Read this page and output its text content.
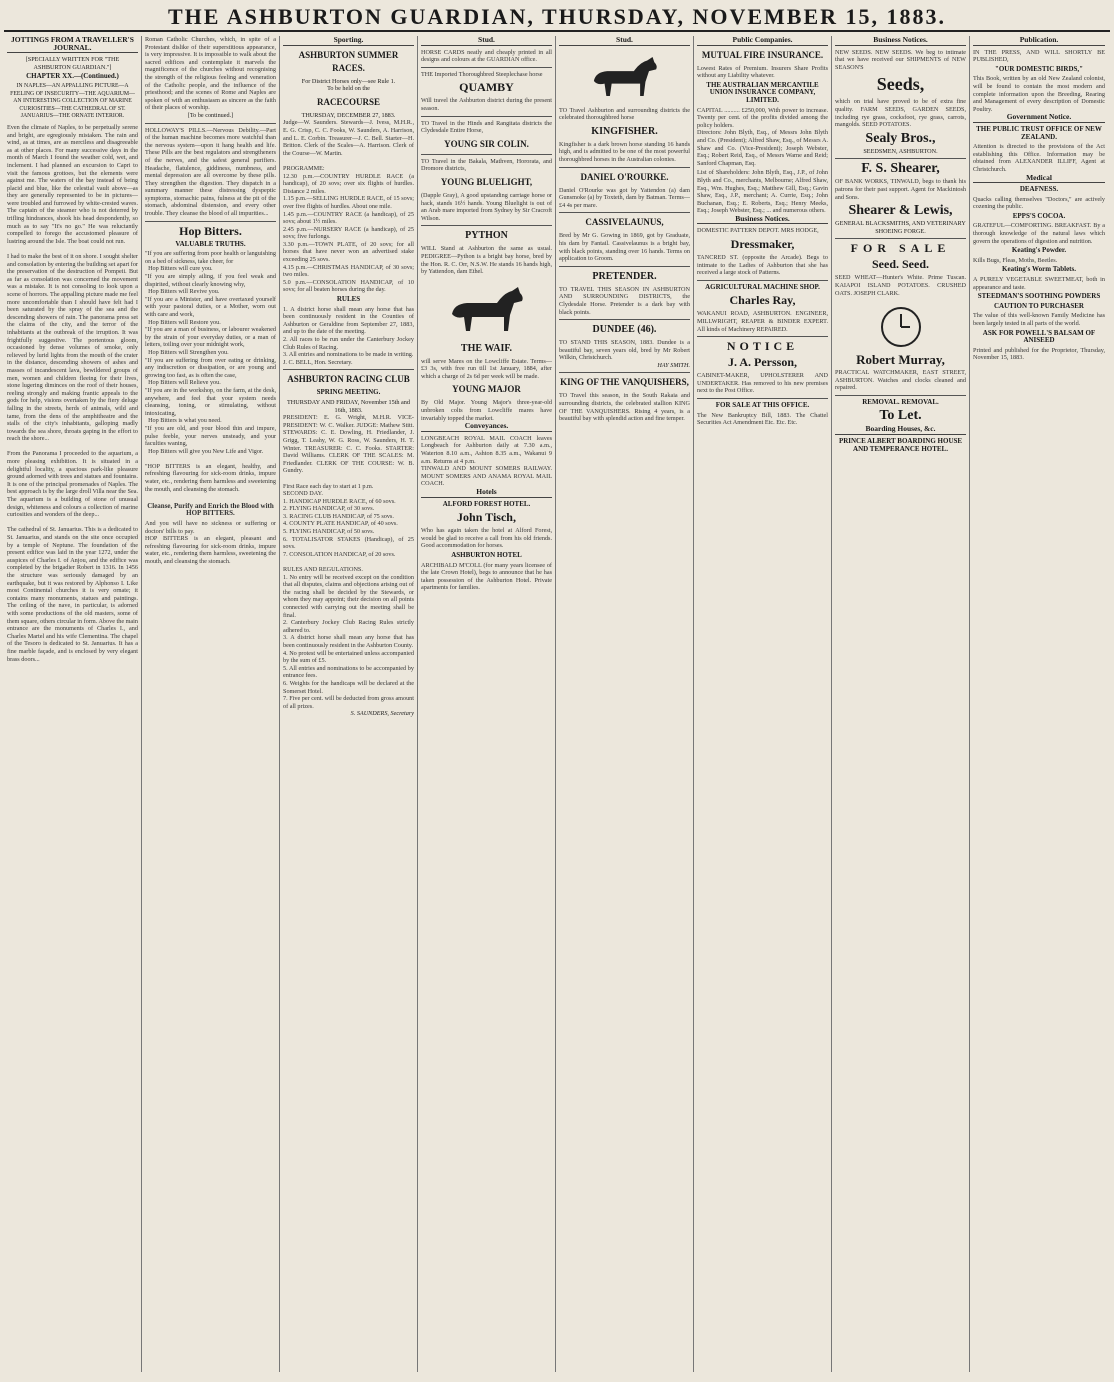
THE ASHBURTON GUARDIAN, THURSDAY, NOVEMBER 15, 1883.
JOTTINGS FROM A TRAVELLER'S JOURNAL.
[SPECIALLY WRITTEN FOR "THE ASHBURTON GUARDIAN."]
CHAPTER XX.—(Continued.)
IN NAPLES—AN APPALLING PICTURE—A FEELING OF INSECURITY—THE AQUARIUM—AN INTERESTING COLLECTION OF MARINE CURIOSITIES—THE CATHEDRAL OF ST. JANUARIUS—THE ORNATE INTERIOR.
Even the climate of Naples, to be perpetually serene and bright, are egregiously mistaken. The rain and wind, as at times, are as merciless and disagreeable as at other places. For many successive days in the month of March I found the weather cold, wet, and inclement. I had planned an excursion to Capri to visit the famous grottoes, but the elements were against me. The waters of the bay instead of being placid and blue, like the celestial vault above—as they are generally represented to be in pictures—were troubled and furrowed by white-crested waves. The captain of the steamer who is not deterred by trifling hindrances, shook his head despondently, so much as to say "It's no go." He was reluctantly compelled to forego the accustomed pleasure of lustring around the Isle. The boat could not run.

I had to make the best of it on shore. I sought shelter and consolation by entering the building set apart for the preservation of the destruction of Pompeii. But as far as consolation was concerned the movement was a mistake. It is not consoling to look upon a scene of horrors. The appalling picture made me feel more uncomfortable than I should have felt had I been saturated by the spray of the sea and the descending showers of rain. The panorama press set the claims of the city, and the terror of the inhabitants at the outbreak of the irruption. It was frightfully suggestive. The portentous gloom, occasioned by dense volumes of smoke, only relieved by lurid lights from the mouth of the crater in the distance, descending showers of ashes and masses of incandescent lava, bewildered groups of men, women and children fleeing for their lives, stone lugering diminces on the roof of their houses, reeling strongly and making frantic appeals to the gods for help, visions overtaken by the fiery deluge falling in the streets, herds of animals, wild and tame, from the dens of the amphitheatre and the stalls of the city's inhabitants, galloping madly towards the sea shore, throats gaping in the effort to reach the shore...

From the Panorama I proceeded to the aquarium, a more pleasing exhibition. It is situated in a delightful locality, a spacious park-like pleasure ground adorned with trees and statues and fountains. It is one of the principal promenades of Naples. The best approach is by the large droll Villa near the Sea. The aquarium is a building of stone of unusual design, whiteness and colours a collection of marine curiosities and wonders of the deep...

The cathedral of St. Januarius. This is a dedicated to St. Januarius, and stands on the site once occupied by a temple of Neptune. The foundation of the present edifice was laid in the year 1272, under the auspices of Charles I. of Anjou, and the edifice was completed by the brigadier Robert in 1316. In 1456 the structure was seriously damaged by an earthquake, but it was restored by Alphonso I. Like most Continental churches it is very ornate; it contains many monuments, statues and paintings. The ceiling of the nave, in particular, is adorned with some productions of the old masters, some of them square, others circular in form. Above the main entrance are the monuments of Charles I., and Charles Martel and his wife Clementina. The chapel of the Tesoro is dedicated to St. Januarius. It has a fine marble façade, and is enclosed by very elegant brass doors...
Roman Catholic Churches, which, in spite of a Protestant dislike of their superstitious appearance, is very impressive. It is impossible to walk about the sacred edifices and contemplate it marvels the magnificence of the churches without recognising the strength of the religious feeling and veneration of the Catholic people, and the influence of the priesthood; and the scenes of Rome and Naples are spoken of with an enthusiasm as sincere as the faith of their places of worship.
[To be continued.]
HOLLOWAY'S PILLS.—Nervous Debility.—Part of the human machine becomes more watchful than the nervous system—upon it hang health and life. These Pills are the best regulators and strengtheners of the nerves, and the safest general purifiers. Headache, flatulence, giddiness, numbness, and mental depression are all overcome by these pills. They strengthen the digestion. They dispatch in a summary manner these distressing dyspeptic symptoms, stomachic pains, fulness at the pit of the stomach, abdominal distension, and every other trouble. They cleanse the blood of all impurities...
Hop Bitters.
VALUABLE TRUTHS.
"If you are suffering from poor health or languishing on a bed of sickness, take cheer, for
Hop Bitters will cure you.
"If you are simply ailing, if you feel weak and dispirited, without clearly knowing why,
Hop Bitters will Revive you.
"If you are a Minister, and have overtaxed yourself with your pastoral duties, or a Mother, worn out with care and work,
Hop Bitters will Restore you.
"If you are a man of business, or labourer weakened by the strain of your everyday duties, or a man of letters, toiling over your midnight work,
Hop Bitters will Strengthen you.
"If you are suffering from over eating or drinking, any indiscretion or dissipation, or are young and growing too fast, as is often the case,
Hop Bitters will Relieve you.
"If you are in the workshop, on the farm, at the desk, anywhere, and feel that your system needs cleansing, toning, or stimulating, without intoxicating,
Hop Bitters is what you need.
"If you are old, and your blood thin and impure, pulse feeble, your nerves unsteady, and your faculties waning,
Hop Bitters will give you New Life and Vigor.

"HOP BITTERS is an elegant, healthy, and refreshing flavouring for sick-room drinks, impure water, etc., rendering them harmless and sweetening the mouth, and cleansing the stomach.

Cleanse, Purify and Enrich the Blood with HOP BITTERS.
And you will have no sickness or suffering or doctors' bills to pay.
HOP BITTERS is an elegant, pleasant and refreshing flavouring for sick-room drinks, impure water, etc., rendering them harmless, sweetening the mouth, and cleansing the stomach.
Sporting.
ASHBURTON SUMMER RACES.
For District Horses only—see Rule 1.
To be held on the
RACECOURSE
THURSDAY, DECEMBER 27, 1883.
Judge—W. Saunders. Stewards—J. Ivess, M.H.R., E. G. Crisp, C. C. Fooks, W. Saunders, A. Harrison, and L. E. Corbin. Treasurer—J. C. Bell. Starter—H. Britton. Clerk of the Scales—A. Harrison. Clerk of the Course—W. Martin.

PROGRAMME:
12.30 p.m.—COUNTRY HURDLE RACE (a handicap), of 20 sovs; over six flights of hurdles. Distance 2 miles.
1.15 p.m.—SELLING HURDLE RACE, of 15 sovs; over five flights of hurdles. About one mile.
1.45 p.m.—COUNTRY RACE (a handicap), of 25 sovs; about 1½ miles.
2.45 p.m.—NURSERY RACE (a handicap), of 25 sovs; five furlongs.
3.30 p.m.—TOWN PLATE, of 20 sovs; for all horses that have never won an advertised stake exceeding 25 sovs.
4.15 p.m.—CHRISTMAS HANDICAP, of 30 sovs; two miles.
5.0 p.m.—CONSOLATION HANDICAP, of 10 sovs; for all beaten horses during the day.
RULES
1. A district horse shall mean any horse that has been continuously resident in the Counties of Ashburton or Geraldine from September 27, 1883, and up to the date of the meeting.
2. All races to be run under the Canterbury Jockey Club Rules of Racing.
3. All entries and nominations to be made in writing.
J. C. BELL, Hon. Secretary.
ASHBURTON RACING CLUB
SPRING MEETING.
THURSDAY AND FRIDAY, November 15th and 16th, 1883.
PRESIDENT: E. G. Wright, M.H.R. VICE-PRESIDENT: W. C. Walker. JUDGE: Mathew Stitt. STEWARDS: C. E. Dowling, H. Friedlander, J. Grigg, T. Leahy, W. G. Ross, W. Saunders, H. T. Winter. TREASURER: C. C. Fooks. STARTER: David Williams. CLERK OF THE SCALES: M. Friedlander. CLERK OF THE COURSE: W. B. Gundry.

First Race each day to start at 1 p.m.
SECOND DAY.
1. HANDICAP HURDLE RACE, of 60 sovs.
2. FLYING HANDICAP, of 30 sovs.
3. RACING CLUB HANDICAP, of 75 sovs.
4. COUNTY PLATE HANDICAP, of 40 sovs.
5. FLYING HANDICAP, of 50 sovs.
6. TOTALISATOR STAKES (Handicap), of 25 sovs.
7. CONSOLATION HANDICAP, of 20 sovs.

RULES AND REGULATIONS.
1. No entry will be received except on the condition that all disputes, claims and objections arising out of the racing shall be decided by the Stewards, or whom they may appoint; their decision on all points connected with carrying out the meeting shall be final.
2. Canterbury Jockey Club Racing Rules strictly adhered to.
3. A district horse shall mean any horse that has been continuously resident in the Ashburton County.
4. No protest will be entertained unless accompanied by the sum of £5.
5. All entries and nominations to be accompanied by entrance fees.
6. Weights for the handicaps will be declared at the Somerset Hotel.
7. Five per cent. will be deducted from gross amount of all prizes.
S. SAUNDERS, Secretary
Stud.
HORSE CARDS neatly and cheaply printed in all designs and colours at the GUARDIAN office.
THE Imported Thoroughbred Steeplechase horse
QUAMBY
Will travel the Ashburton district during the present season.
TO Travel in the Hinds and Rangitata districts the Clydesdale Entire Horse,
YOUNG SIR COLIN.
TO Travel in the Bakala, Mathven, Hororata, and Dromore districts,
YOUNG BLUELIGHT,
(Dapple Gray), A good upstanding carriage horse or hack, stands 16½ hands. Young Bluelight is out of an Arab mare imported from Sydney by Sir Cracroft Wilson.
PYTHON
WILL Stand at Ashburton the same as usual. PEDIGREE—Python is a bright bay horse, bred by the Hon. R. C. Orr, N.S.W. He stands 16 hands high, by Yattendon, dam Ethel.
THE WAIF.
will serve Mares on the Lowcliffe Estate. Terms—£3 3s, with free run till 1st January, 1884, after which a charge of 2s 6d per week will be made.
YOUNG MAJOR
By Old Major. Young Major's three-year-old unbroken colts from Lowcliffe mares have invariably topped the market.
Conveyances.
LONGBEACH ROYAL MAIL COACH leaves Longbeach for Ashburton daily at 7.30 a.m., Waterton 8.10 a.m., Ashton 8.35 a.m., Wakanui 9 a.m. Returns at 4 p.m.
TINWALD AND MOUNT SOMERS RAILWAY. MOUNT SOMERS AND ANAMA ROYAL MAIL COACH.
Hotels
ALFORD FOREST HOTEL.
John Tisch,
Who has again taken the hotel at Alford Forest, would be glad to receive a call from his old friends. Good accommodation for horses.
ASHBURTON HOTEL
ARCHIBALD M'COLL (for many years licensee of the late Crown Hotel), begs to announce that he has taken possession of the Ashburton Hotel. Private apartments for families.
Stud.
TO Travel Ashburton and surrounding districts the celebrated thoroughbred horse
KINGFISHER.
Kingfisher is a dark brown horse standing 16 hands high, and is admitted to be one of the most powerful thoroughbred horses in the Australian colonies.
DANIEL O'ROURKE.
Daniel O'Rourke was got by Yattendon (a) dam Gunsmoke (a) by Toxteth, dam by Batman. Terms—£4 4s per mare.
CASSIVELAUNUS,
Bred by Mr G. Gowing in 1869, got by Graduate, his dam by Fantail. Cassivelaunus is a bright bay, with black points, standing over 16 hands. Terms on application to Groom.
PRETENDER.
TO TRAVEL THIS SEASON IN ASHBURTON AND SURROUNDING DISTRICTS, the Clydesdale Horse. Pretender is a dark bay with black points.
DUNDEE (46).
TO STAND THIS SEASON, 1883. Dundee is a beautiful bay, seven years old, bred by Mr Robert Wilkin, Christchurch.
HAY SMITH.
KING OF THE VANQUISHERS,
TO Travel this season, in the South Rakaia and surrounding districts, the celebrated stallion KING OF THE VANQUISHERS. Rising 4 years, is a beautiful bay with splendid action and fine temper.
Public Companies.
MUTUAL FIRE INSURANCE.
Lowest Rates of Premium. Insurers Share Profits without any Liability whatever.
THE AUSTRALIAN MERCANTILE UNION INSURANCE COMPANY, LIMITED.
CAPITAL .......... £250,000, With power to increase. Twenty per cent. of the profits divided among the policy holders.
Directors: John Blyth, Esq., of Messrs John Blyth and Co. (President); Alfred Shaw, Esq., of Messrs A. Shaw and Co. (Vice-President); Joseph Webster, Esq.; Robert Reid, Esq., of Messrs Warne and Reid; Sanford Chapman, Esq.
List of Shareholders: John Blyth, Esq., J.P., of John Blyth and Co., merchants, Melbourne; Alfred Shaw, Esq., Wm. Hughes, Esq.; Matthew Gill, Esq.; Gavin Shaw, Esq., J.P., merchant; A. Currie, Esq.; John Buchanan, Esq.; E. Roberts, Esq.; Henry Meeks, Esq.; Joseph Webster, Esq.; ... and numerous others.
Business Notices.
DOMESTIC PATTERN DEPOT. MRS HODGE,
Dressmaker,
TANCRED ST. (opposite the Arcade). Begs to intimate to the Ladies of Ashburton that she has received a large stock of Patterns.
AGRICULTURAL MACHINE SHOP.
Charles Ray,
WAKANUI ROAD, ASHBURTON. ENGINEER, MILLWRIGHT, REAPER & BINDER EXPERT. All kinds of Machinery REPAIRED.
NOTICE
J. A. Persson,
CABINET-MAKER, UPHOLSTERER AND UNDERTAKER. Has removed to his new premises next to the Post Office.
FOR SALE AT THIS OFFICE.
The New Bankruptcy Bill, 1883. The Chattel Securities Act Amendment Etc. Etc. Etc.
Business Notices.
NEW SEEDS. NEW SEEDS. We beg to intimate that we have received our SHIPMENTS of NEW SEASON'S
Seeds,
which on trial have proved to be of extra fine quality. FARM SEEDS, GARDEN SEEDS, including rye grass, cocksfoot, rye grass, carrots, mangolds. SEED POTATOES.
Sealy Bros.,
SEEDSMEN, ASHBURTON.
F. S. Shearer,
OF BANK WORKS, TINWALD, begs to thank his patrons for their past support. Agent for Mackintosh and Sons.
Shearer & Lewis,
GENERAL BLACKSMITHS, AND VETERINARY SHOEING FORGE.
FOR SALE
Seed. Seed.
SEED WHEAT—Hunter's White. Prime Tuscan. KAIAPOI ISLAND POTATOES. CRUSHED OATS. JOSEPH CLARK.
Robert Murray,
PRACTICAL WATCHMAKER, EAST STREET, ASHBURTON. Watches and clocks cleaned and repaired.
REMOVAL. REMOVAL.
To Let.
Boarding Houses, &c.
PRINCE ALBERT BOARDING HOUSE AND TEMPERANCE HOTEL.
Publication.
IN THE PRESS, AND WILL SHORTLY BE PUBLISHED,
"OUR DOMESTIC BIRDS,"
This Book, written by an old New Zealand colonist, will be found to contain the most modern and complete information upon the Breeding, Rearing and Management of every description of Domestic Poultry.
Government Notice.
THE PUBLIC TRUST OFFICE OF NEW ZEALAND.
Attention is directed to the provisions of the Act establishing this Office. Information may be obtained from ALEXANDER ILLIFF, Agent at Christchurch.
Medical
DEAFNESS.
Quacks calling themselves "Doctors," are actively cozening the public.
EPPS'S COCOA.
GRATEFUL—COMFORTING. BREAKFAST. By a thorough knowledge of the natural laws which govern the operations of digestion and nutrition.
Keating's Powder.
Kills Bugs, Fleas, Moths, Beetles.
Keating's Worm Tablets.
A PURELY VEGETABLE SWEETMEAT, both in appearance and taste.
STEEDMAN'S SOOTHING POWDERS
CAUTION TO PURCHASER
The value of this well-known Family Medicine has been largely tested in all parts of the world.
ASK FOR POWELL'S BALSAM OF ANISEED
Printed and published for the Proprietor, Thursday, November 15, 1883.
